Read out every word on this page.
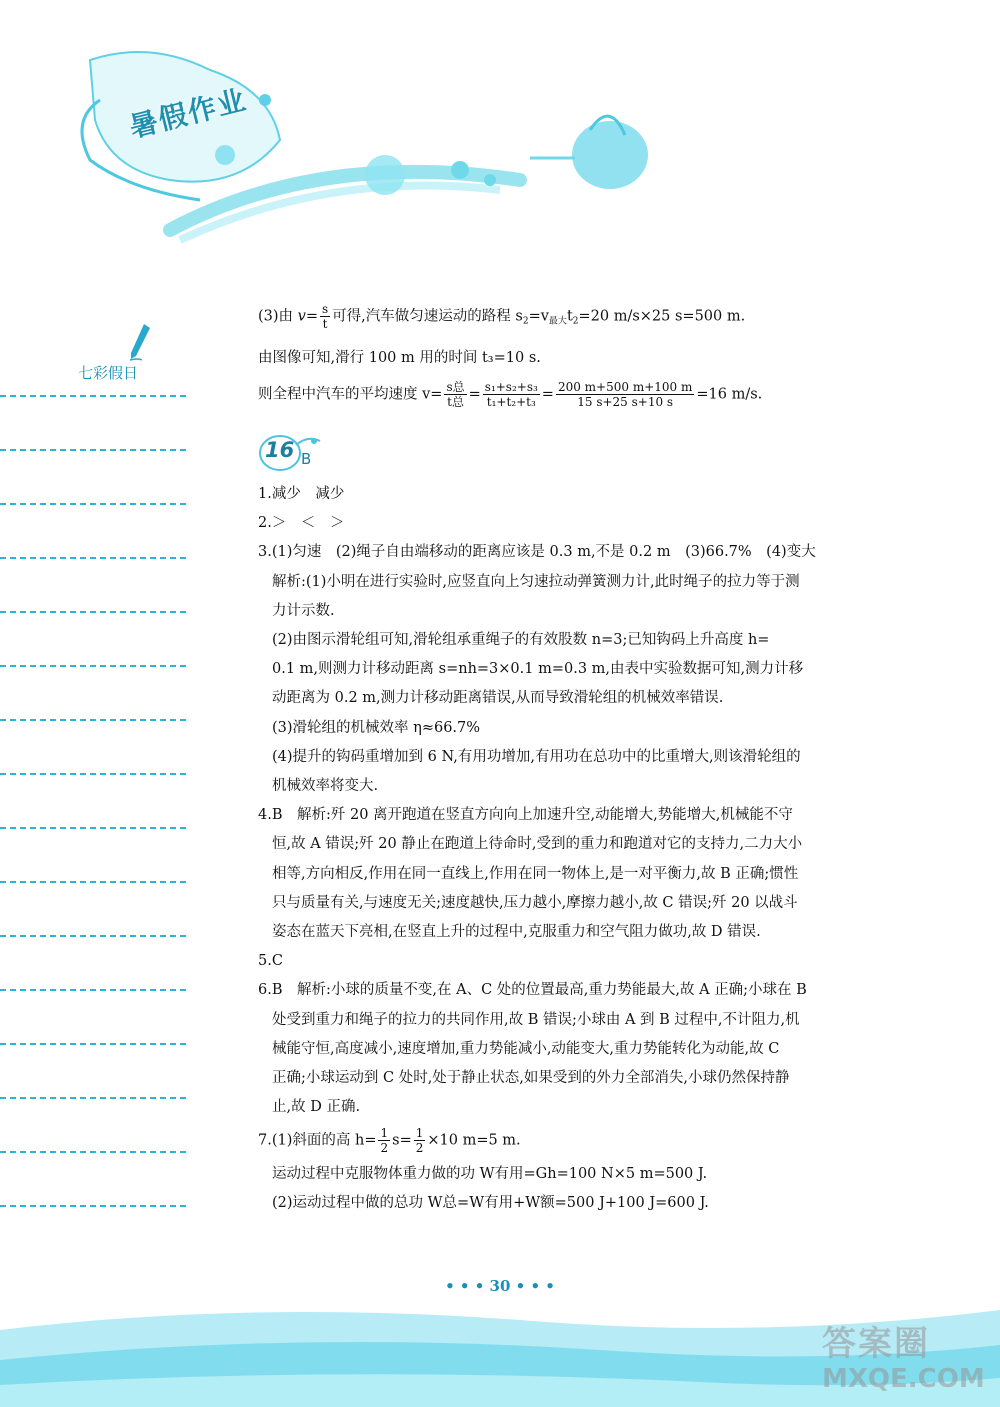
暑假作业
七彩假日
(3)由 $v= \frac{s}{t}$ 可得,汽车做匀速运动的路程 $s_2=v_{最大}t_2=20$ m/s×25 s=500 m.
由图像可知,滑行 100 m 用的时间 t₃=10 s.
则全程中汽车的平均速度 v= s总
t总 = $\frac{\text{s₁+s₂+s₃}}{\text{t₁+t₂+t₃}} = \frac{200 m+500 m+100 m}{15 s+25 s+10 s} =16$ m/s.
16 B
1.减少　减少
2.＞　＜　＞
3.(1)匀速　(2)绳子自由端移动的距离应该是 0.3 m,不是 0.2 m　(3)66.7%　(4)变大
解析:(1)小明在进行实验时,应竖直向上匀速拉动弹簧测力计,此时绳子的拉力等于测
力计示数.
(2)由图示滑轮组可知,滑轮组承重绳子的有效股数 n=3;已知钩码上升高度 h=
0.1 m,则测力计移动距离 s=nh=3×0.1 m=0.3 m,由表中实验数据可知,测力计移
动距离为 0.2 m,测力计移动距离错误,从而导致滑轮组的机械效率错误.
(3)滑轮组的机械效率 η≈66.7%
(4)提升的钩码重增加到 6 N,有用功增加,有用功在总功中的比重增大,则该滑轮组的
机械效率将变大.
4.B　解析:歼 20 离开跑道在竖直方向向上加速升空,动能增大,势能增大,机械能不守
恒,故 A 错误;歼 20 静止在跑道上待命时,受到的重力和跑道对它的支持力,二力大小
相等,方向相反,作用在同一直线上,作用在同一物体上,是一对平衡力,故 B 正确;惯性
只与质量有关,与速度无关;速度越快,压力越小,摩擦力越小,故 C 错误;歼 20 以战斗
姿态在蓝天下亮相,在竖直上升的过程中,克服重力和空气阻力做功,故 D 错误.
5.C
6.B　解析:小球的质量不变,在 A、C 处的位置最高,重力势能最大,故 A 正确;小球在 B
处受到重力和绳子的拉力的共同作用,故 B 错误;小球由 A 到 B 过程中,不计阻力,机
械能守恒,高度减小,速度增加,重力势能减小,动能变大,重力势能转化为动能,故 C
正确;小球运动到 C 处时,处于静止状态,如果受到的外力全部消失,小球仍然保持静
止,故 D 正确.
7.(1)斜面的高 $h= \frac{1}{2} s= \frac{1}{2} \times 10$ m=5 m.
运动过程中克服物体重力做的功 W有用=Gh=100 N×5 m=500 J.
(2)运动过程中做的总功 W总=W有用+W额=500 J+100 J=600 J.
• • • 30 • • •
答案圈
MXQE.COM
